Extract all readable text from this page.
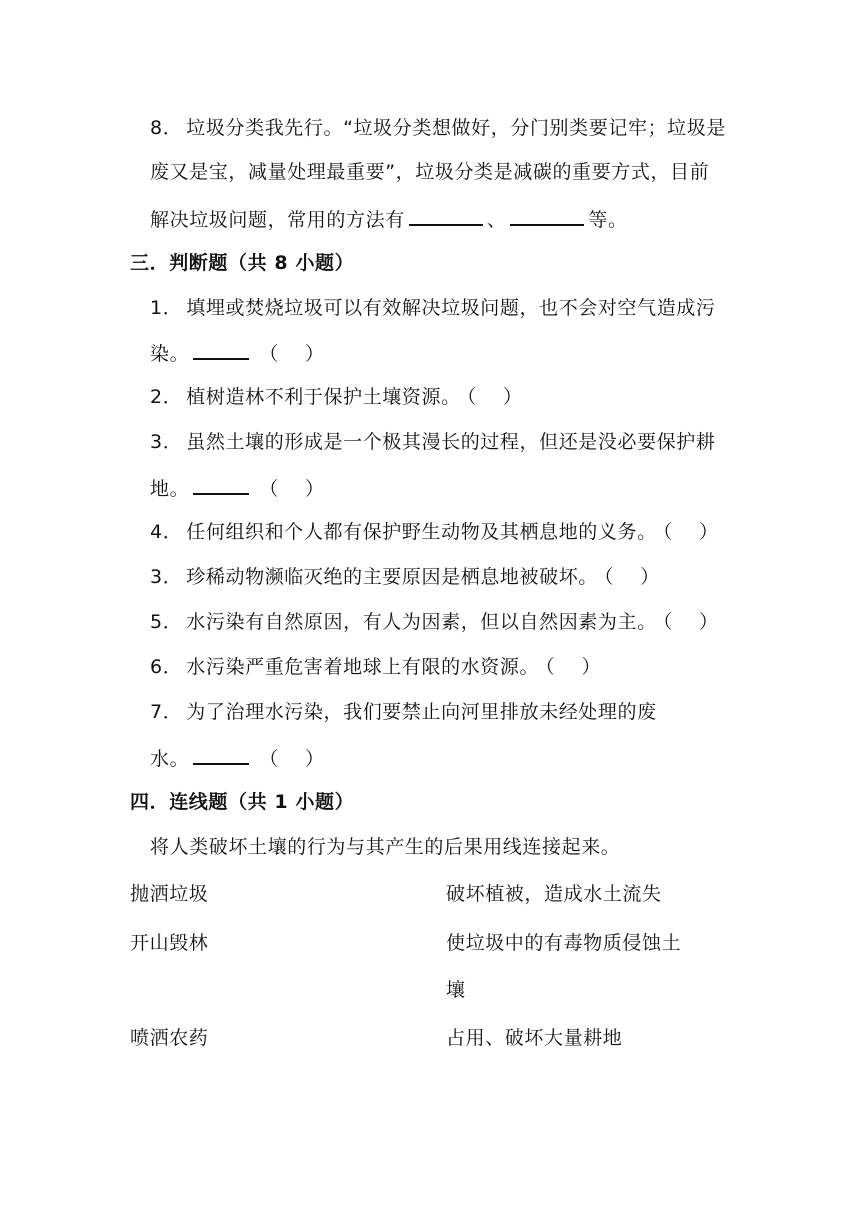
8． 垃圾分类我先行。“垃圾分类想做好，分门别类要记牢；垃圾是
废又是宝，减量处理最重要”，垃圾分类是减碳的重要方式，目前
解决垃圾问题，常用的方法有	、	等。
三．判断题（共 8 小题）
1． 填埋或焚烧垃圾可以有效解决垃圾问题，也不会对空气造成污
染。	（　 ）
2． 植树造林不利于保护土壤资源。 （　 ）
3． 虽然土壤的形成是一个极其漫长的过程，但还是没必要保护耕
地。	（　 ）
4． 任何组织和个人都有保护野生动物及其栖息地的义务。 （　 ）
3． 珍稀动物濒临灭绝的主要原因是栖息地被破坏。 （　 ）
5． 水污染有自然原因，有人为因素，但以自然因素为主。 （　 ）
6． 水污染严重危害着地球上有限的水资源。 （　 ）
7． 为了治理水污染，我们要禁止向河里排放未经处理的废
水。	（　 ）
四．连线题（共 1 小题）
将人类破坏土壤的行为与其产生的后果用线连接起来。
抛洒垃圾	破坏植被，造成水土流失
开山毁林	使垃圾中的有毒物质侵蚀土
壤
喷洒农药	占用、破坏大量耕地
